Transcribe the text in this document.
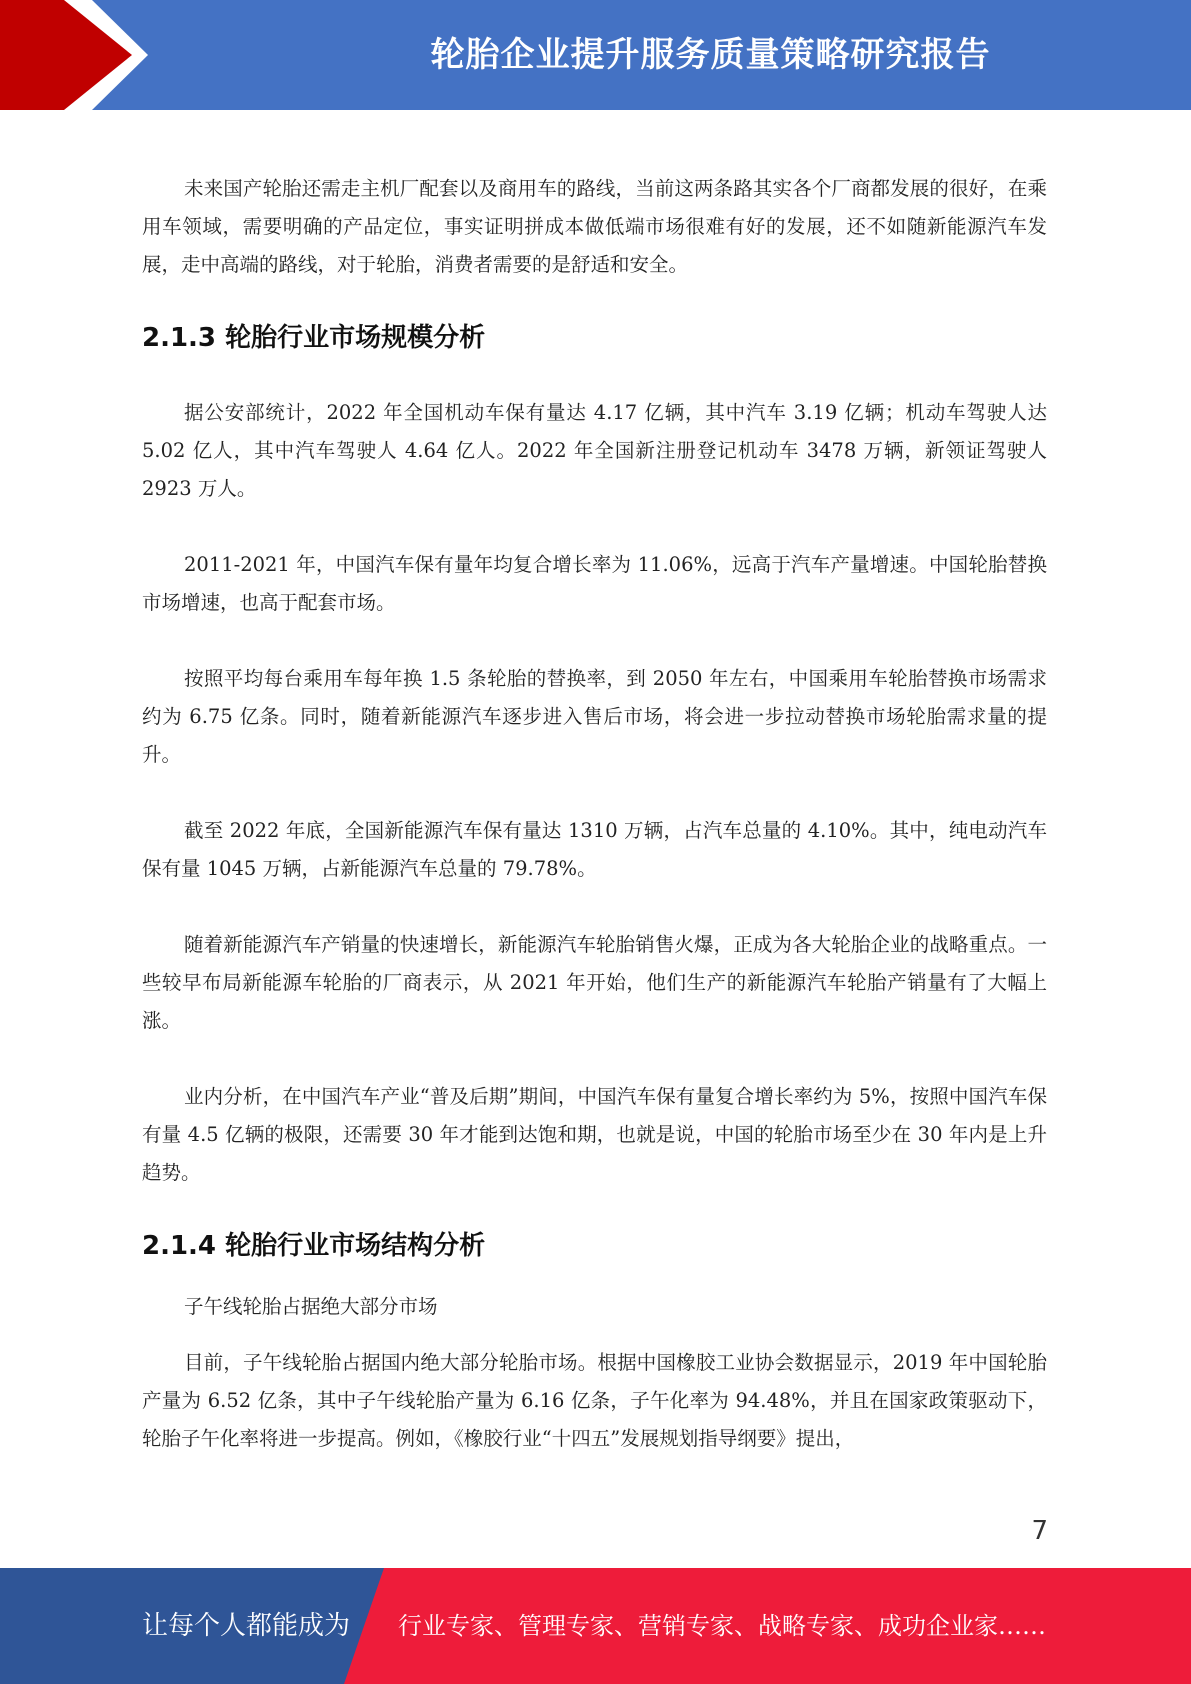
轮胎企业提升服务质量策略研究报告

未来国产轮胎还需走主机厂配套以及商用车的路线，当前这两条路其实各个厂商都发展的很好，在乘用车领域，需要明确的产品定位，事实证明拼成本做低端市场很难有好的发展，还不如随新能源汽车发展，走中高端的路线，对于轮胎，消费者需要的是舒适和安全。

2.1.3 轮胎行业市场规模分析

据公安部统计，2022 年全国机动车保有量达 4.17 亿辆，其中汽车 3.19 亿辆；机动车驾驶人达 5.02 亿人，其中汽车驾驶人 4.64 亿人。2022 年全国新注册登记机动车 3478 万辆，新领证驾驶人 2923 万人。

2011-2021 年，中国汽车保有量年均复合增长率为 11.06%，远高于汽车产量增速。中国轮胎替换市场增速，也高于配套市场。

按照平均每台乘用车每年换 1.5 条轮胎的替换率，到 2050 年左右，中国乘用车轮胎替换市场需求约为 6.75 亿条。同时，随着新能源汽车逐步进入售后市场，将会进一步拉动替换市场轮胎需求量的提升。

截至 2022 年底，全国新能源汽车保有量达 1310 万辆，占汽车总量的 4.10%。其中，纯电动汽车保有量 1045 万辆，占新能源汽车总量的 79.78%。

随着新能源汽车产销量的快速增长，新能源汽车轮胎销售火爆，正成为各大轮胎企业的战略重点。一些较早布局新能源车轮胎的厂商表示，从 2021 年开始，他们生产的新能源汽车轮胎产销量有了大幅上涨。

业内分析，在中国汽车产业“普及后期”期间，中国汽车保有量复合增长率约为 5%，按照中国汽车保有量 4.5 亿辆的极限，还需要 30 年才能到达饱和期，也就是说，中国的轮胎市场至少在 30 年内是上升趋势。

2.1.4 轮胎行业市场结构分析

子午线轮胎占据绝大部分市场

目前，子午线轮胎占据国内绝大部分轮胎市场。根据中国橡胶工业协会数据显示，2019 年中国轮胎产量为 6.52 亿条，其中子午线轮胎产量为 6.16 亿条，子午化率为 94.48%，并且在国家政策驱动下，轮胎子午化率将进一步提高。例如，《橡胶行业“十四五”发展规划指导纲要》提出，

7
让每个人都能成为 行业专家、管理专家、营销专家、战略专家、成功企业家……
